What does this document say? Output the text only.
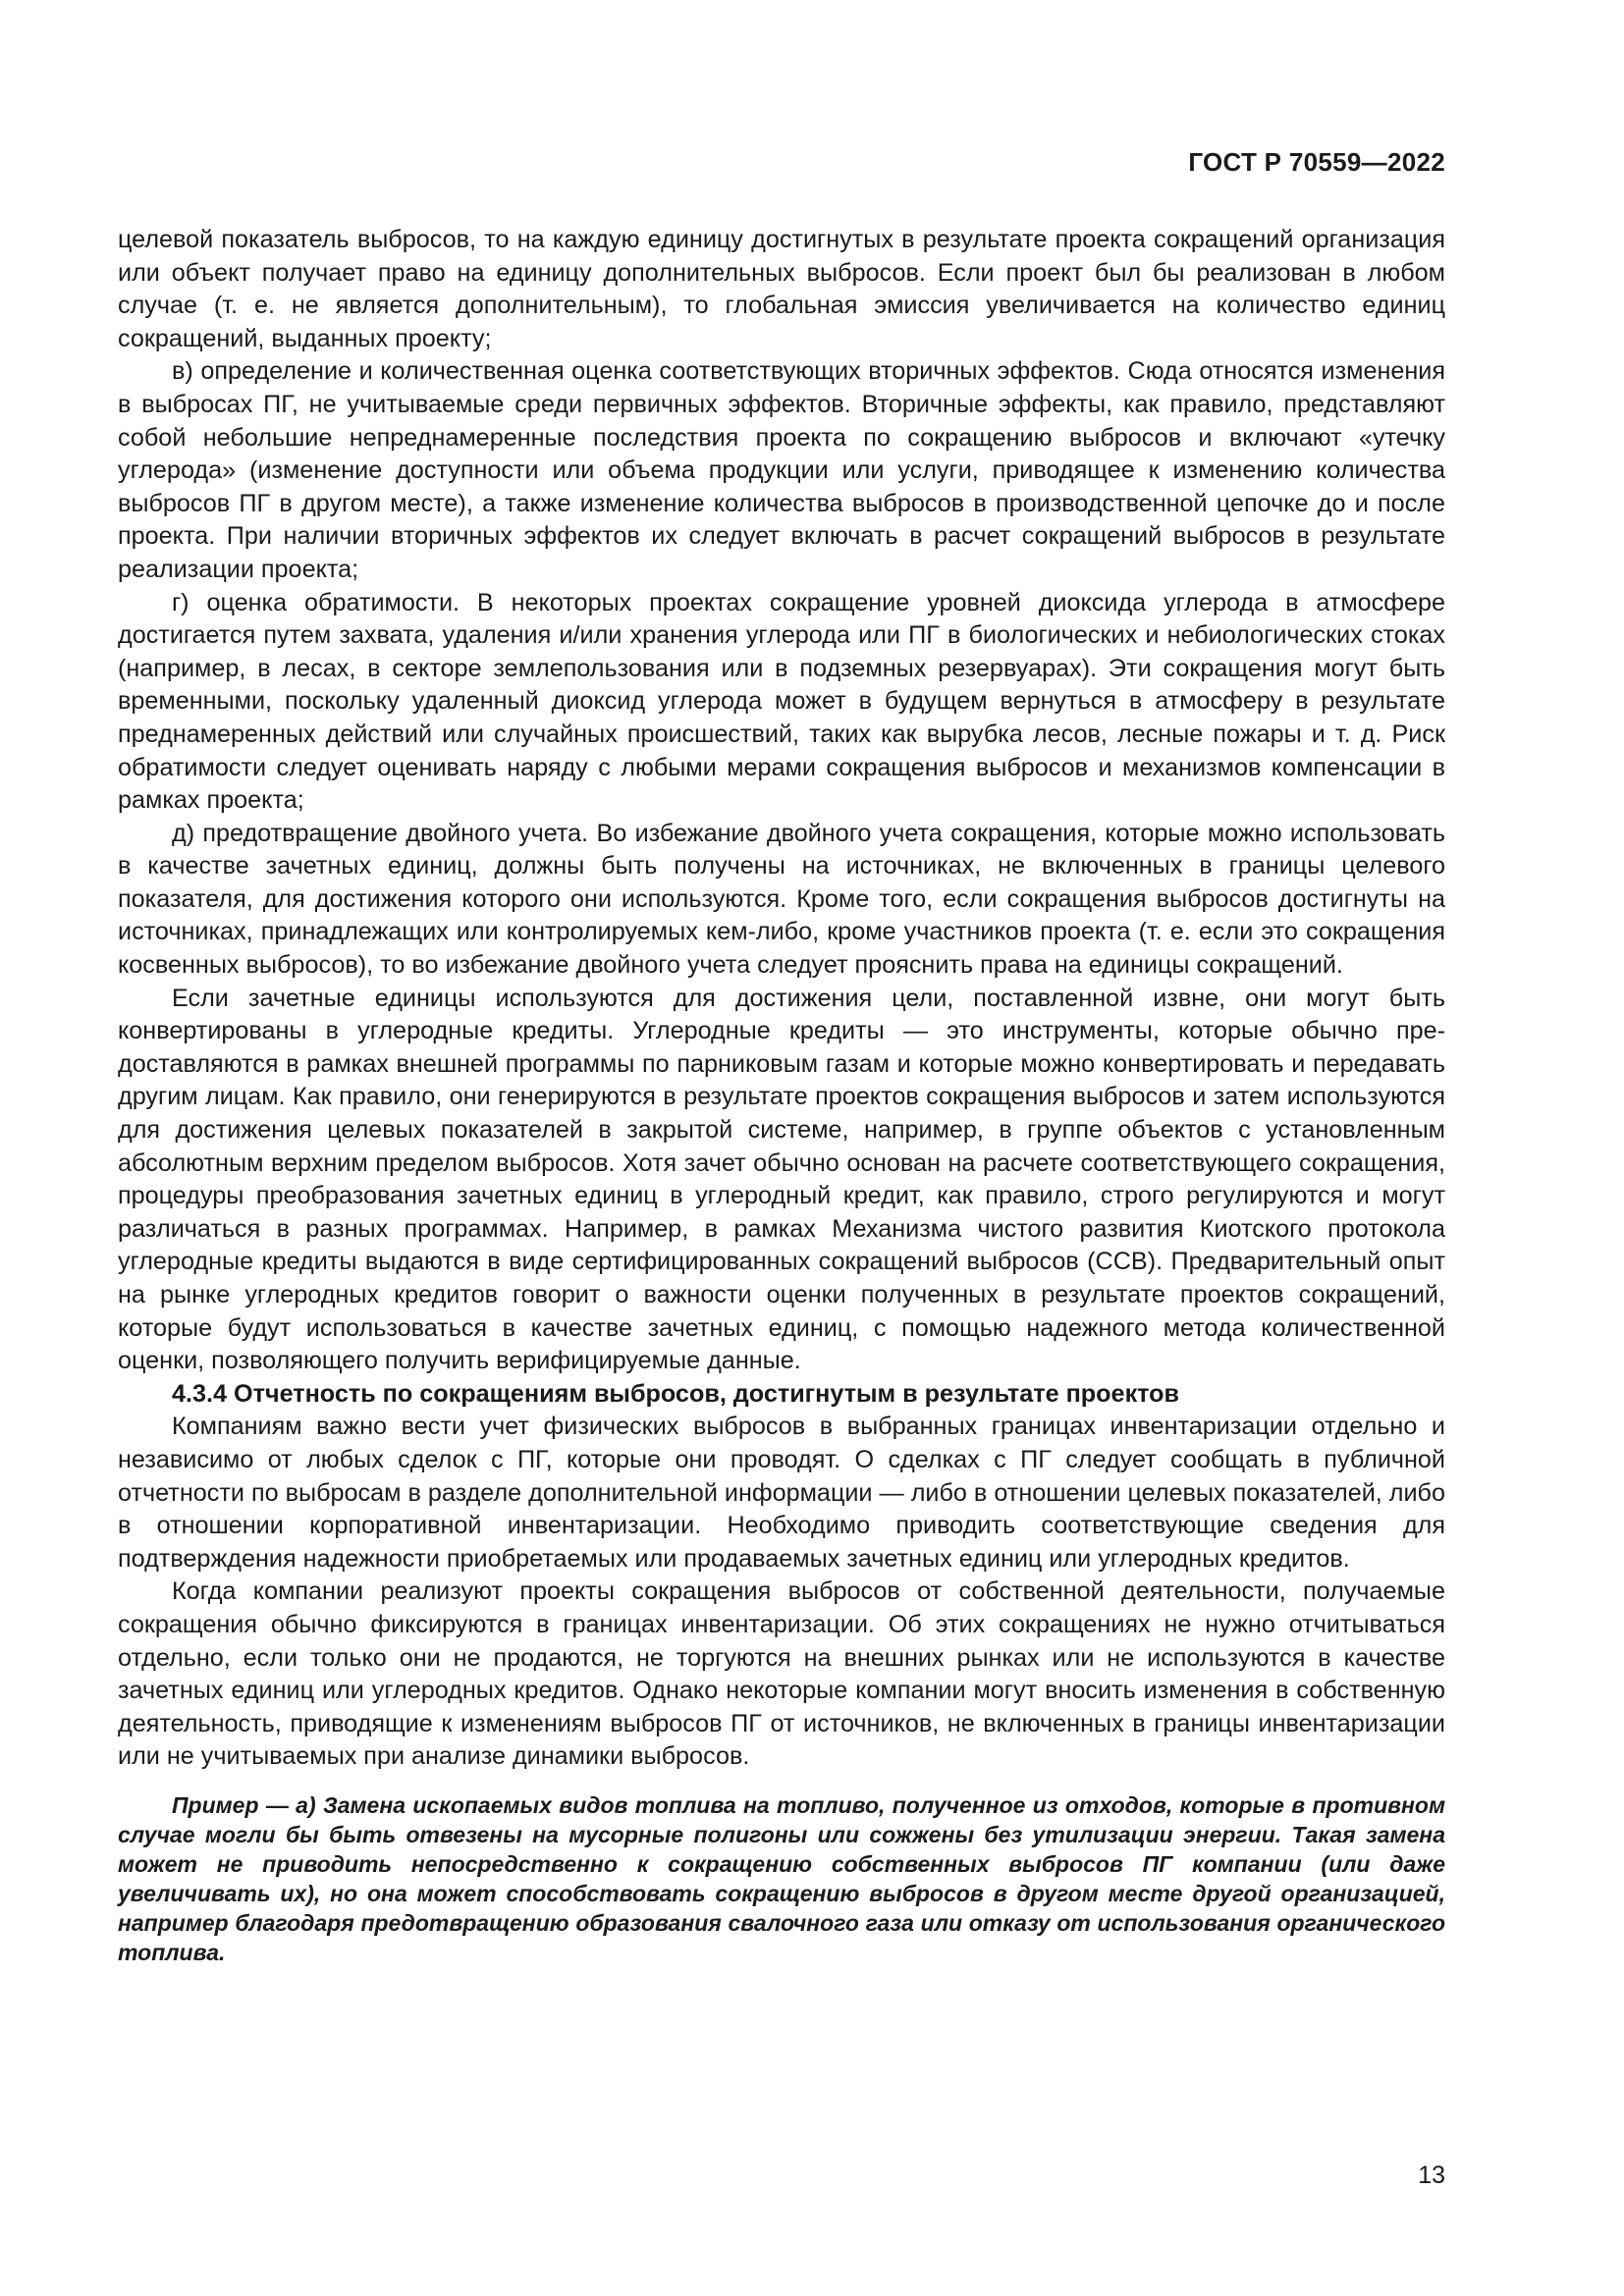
ГОСТ Р 70559—2022

целевой показатель выбросов, то на каждую единицу достигнутых в результате проекта сокращений организация или объект получает право на единицу дополнительных выбросов. Если проект был бы реализован в любом случае (т. е. не является дополнительным), то глобальная эмиссия увеличивается на количество единиц сокращений, выданных проекту;

в) определение и количественная оценка соответствующих вторичных эффектов. Сюда относятся изменения в выбросах ПГ, не учитываемые среди первичных эффектов. Вторичные эффекты, как правило, представляют собой небольшие непреднамеренные последствия проекта по сокращению выбросов и включают «утечку углерода» (изменение доступности или объема продукции или услуги, приводящее к изменению количества выбросов ПГ в другом месте), а также изменение количества выбросов в производственной цепочке до и после проекта. При наличии вторичных эффектов их следует включать в расчет сокращений выбросов в результате реализации проекта;

г) оценка обратимости. В некоторых проектах сокращение уровней диоксида углерода в атмосфере достигается путем захвата, удаления и/или хранения углерода или ПГ в биологических и небиологических стоках (например, в лесах, в секторе землепользования или в подземных резервуарах). Эти сокращения могут быть временными, поскольку удаленный диоксид углерода может в будущем вернуться в атмосферу в результате преднамеренных действий или случайных происшествий, таких как вырубка лесов, лесные пожары и т. д. Риск обратимости следует оценивать наряду с любыми мерами сокращения выбросов и механизмов компенсации в рамках проекта;

д) предотвращение двойного учета. Во избежание двойного учета сокращения, которые можно использовать в качестве зачетных единиц, должны быть получены на источниках, не включенных в границы целевого показателя, для достижения которого они используются. Кроме того, если сокращения выбросов достигнуты на источниках, принадлежащих или контролируемых кем-либо, кроме участников проекта (т. е. если это сокращения косвенных выбросов), то во избежание двойного учета следует прояснить права на единицы сокращений.

Если зачетные единицы используются для достижения цели, поставленной извне, они могут быть конвертированы в углеродные кредиты. Углеродные кредиты — это инструменты, которые обычно предоставляются в рамках внешней программы по парниковым газам и которые можно конвертировать и передавать другим лицам. Как правило, они генерируются в результате проектов сокращения выбросов и затем используются для достижения целевых показателей в закрытой системе, например, в группе объектов с установленным абсолютным верхним пределом выбросов. Хотя зачет обычно основан на расчете соответствующего сокращения, процедуры преобразования зачетных единиц в углеродный кредит, как правило, строго регулируются и могут различаться в разных программах. Например, в рамках Механизма чистого развития Киотского протокола углеродные кредиты выдаются в виде сертифицированных сокращений выбросов (CCB). Предварительный опыт на рынке углеродных кредитов говорит о важности оценки полученных в результате проектов сокращений, которые будут использоваться в качестве зачетных единиц, с помощью надежного метода количественной оценки, позволяющего получить верифицируемые данные.

4.3.4 Отчетность по сокращениям выбросов, достигнутым в результате проектов

Компаниям важно вести учет физических выбросов в выбранных границах инвентаризации отдельно и независимо от любых сделок с ПГ, которые они проводят. О сделках с ПГ следует сообщать в публичной отчетности по выбросам в разделе дополнительной информации — либо в отношении целевых показателей, либо в отношении корпоративной инвентаризации. Необходимо приводить соответствующие сведения для подтверждения надежности приобретаемых или продаваемых зачетных единиц или углеродных кредитов.

Когда компании реализуют проекты сокращения выбросов от собственной деятельности, получаемые сокращения обычно фиксируются в границах инвентаризации. Об этих сокращениях не нужно отчитываться отдельно, если только они не продаются, не торгуются на внешних рынках или не используются в качестве зачетных единиц или углеродных кредитов. Однако некоторые компании могут вносить изменения в собственную деятельность, приводящие к изменениям выбросов ПГ от источников, не включенных в границы инвентаризации или не учитываемых при анализе динамики выбросов.

Пример — а) Замена ископаемых видов топлива на топливо, полученное из отходов, которые в противном случае могли бы быть отвезены на мусорные полигоны или сожжены без утилизации энергии. Такая замена может не приводить непосредственно к сокращению собственных выбросов ПГ компании (или даже увеличивать их), но она может способствовать сокращению выбросов в другом месте другой организацией, например благодаря предотвращению образования свалочного газа или отказу от использования органического топлива.

13
